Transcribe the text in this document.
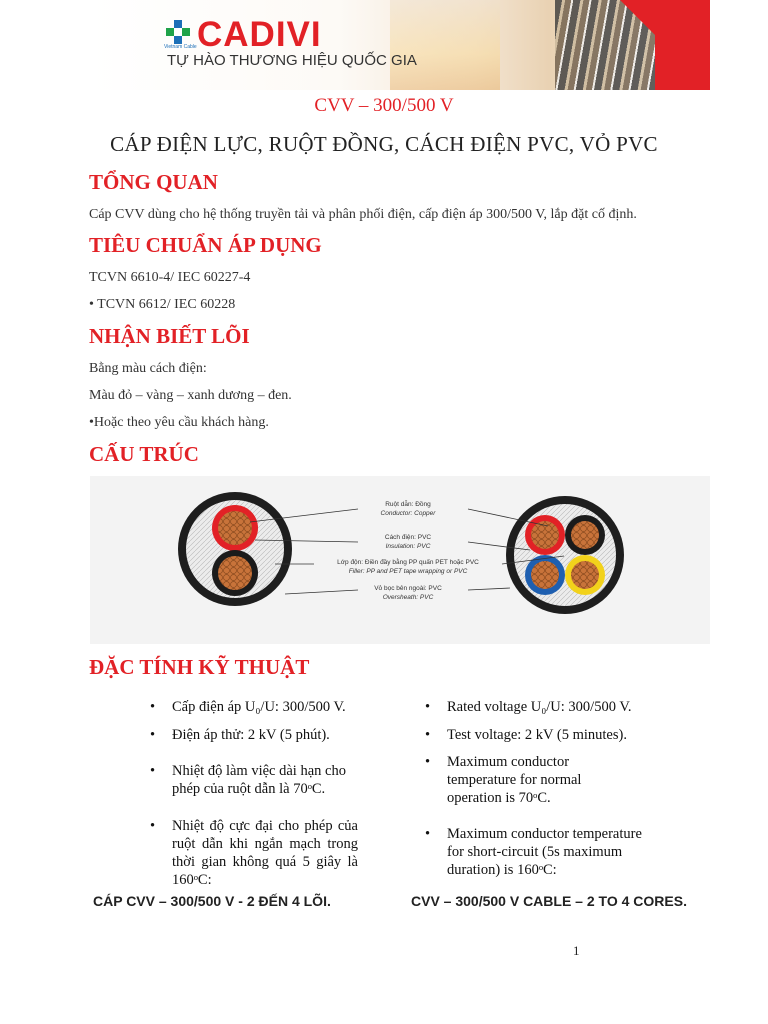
Vietnam Cable CADIVI
TỰ HÀO THƯƠNG HIỆU QUỐC GIA
CVV – 300/500 V
CÁP ĐIỆN LỰC, RUỘT ĐỒNG, CÁCH ĐIỆN PVC, VỎ PVC
TỔNG QUAN

Cáp CVV dùng cho hệ thống truyền tải và phân phối điện, cấp điện áp 300/500 V, lắp đặt cố định.

TIÊU CHUẨN ÁP DỤNG

TCVN 6610-4/ IEC 60227-4

• TCVN 6612/ IEC 60228

NHẬN BIẾT LÕI

Bằng màu cách điện:

Màu đỏ – vàng – xanh dương – đen.

•Hoặc theo yêu cầu khách hàng.

CẤU TRÚC
Ruột dẫn: Đồng
Conductor: Copper
Cách điện: PVC
Insulation: PVC
Lớp độn: Điền đầy bằng PP quấn PET hoặc PVC
Filler: PP and PET tape wrapping or PVC
Vỏ bọc bên ngoài: PVC
Oversheath: PVC
ĐẶC TÍNH KỸ THUẬT
• Cấp điện áp U₀/U: 300/500 V.
• Điện áp thử: 2 kV (5 phút).
• Nhiệt độ làm việc dài hạn cho phép của ruột dẫn là 70ᵒC.
• Nhiệt độ cực đại cho phép của ruột dẫn khi ngắn mạch trong thời gian không quá 5 giây là 160ᵒC:
• Rated voltage U₀/U: 300/500 V.
• Test voltage: 2 kV (5 minutes).
• Maximum conductor temperature for normal operation is 70ᵒC.
• Maximum conductor temperature for short-circuit (5s maximum duration) is 160ᵒC:
CÁP CVV – 300/500 V - 2 ĐẾN 4 LÕI.	CVV – 300/500 V CABLE – 2 TO 4 CORES.
1
